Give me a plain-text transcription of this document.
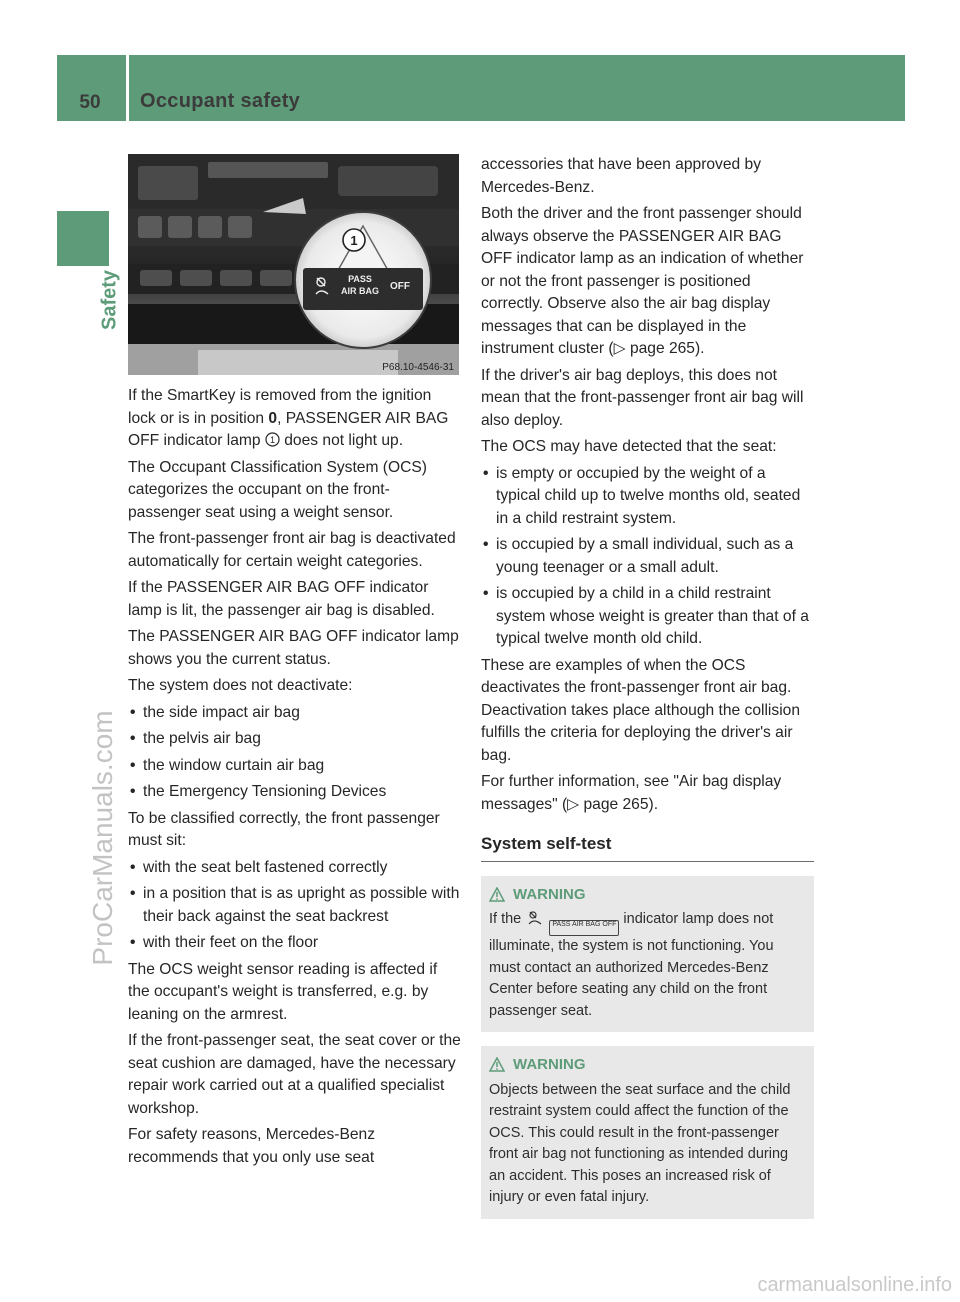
50	Occupant safety
Safety
ProCarManuals.com
1
PASS
AIR BAG OFF
P68.10-4546-31

If the SmartKey is removed from the ignition lock or is in position 0, PASSENGER AIR BAG OFF indicator lamp 1 does not light up.

The Occupant Classification System (OCS) categorizes the occupant on the front-passenger seat using a weight sensor.

The front-passenger front air bag is deactivated automatically for certain weight categories.

If the PASSENGER AIR BAG OFF indicator lamp is lit, the passenger air bag is disabled.

The PASSENGER AIR BAG OFF indicator lamp shows you the current status.

The system does not deactivate:

• the side impact air bag
• the pelvis air bag
• the window curtain air bag
• the Emergency Tensioning Devices

To be classified correctly, the front passenger must sit:

• with the seat belt fastened correctly
• in a position that is as upright as possible with their back against the seat backrest
• with their feet on the floor

The OCS weight sensor reading is affected if the occupant's weight is transferred, e.g. by leaning on the armrest.

If the front-passenger seat, the seat cover or the seat cushion are damaged, have the necessary repair work carried out at a qualified specialist workshop.

For safety reasons, Mercedes-Benz recommends that you only use seat

accessories that have been approved by Mercedes-Benz.

Both the driver and the front passenger should always observe the PASSENGER AIR BAG OFF indicator lamp as an indication of whether or not the front passenger is positioned correctly. Observe also the air bag display messages that can be displayed in the instrument cluster (▷ page 265).

If the driver's air bag deploys, this does not mean that the front-passenger front air bag will also deploy.

The OCS may have detected that the seat:

• is empty or occupied by the weight of a typical child up to twelve months old, seated in a child restraint system.
• is occupied by a small individual, such as a young teenager or a small adult.
• is occupied by a child in a child restraint system whose weight is greater than that of a typical twelve month old child.

These are examples of when the OCS deactivates the front-passenger front air bag. Deactivation takes place although the collision fulfills the criteria for deploying the driver's air bag.

For further information, see "Air bag display messages" (▷ page 265).

System self-test
WARNING
If the	PASS AIR BAG OFF indicator lamp does not illuminate, the system is not functioning. You must contact an authorized Mercedes-Benz Center before seating any child on the front passenger seat.
WARNING
Objects between the seat surface and the child restraint system could affect the function of the OCS. This could result in the front-passenger front air bag not functioning as intended during an accident. This poses an increased risk of injury or even fatal injury.
carmanualsonline.info
